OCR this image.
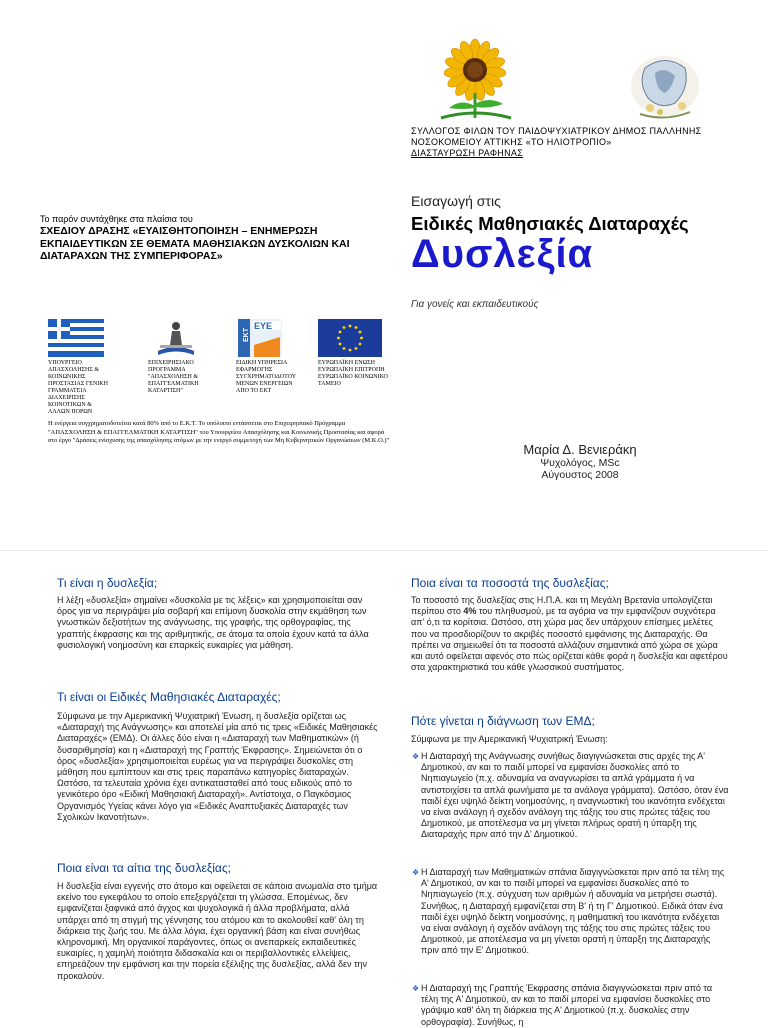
ΣΥΛΛΟΓΟΣ ΦΙΛΩΝ ΤΟΥ ΠΑΙΔΟΨΥΧΙΑΤΡΙΚΟΥ ΔΗΜΟΣ ΠΑΛΛΗΝΗΣ
ΝΟΣΟΚΟΜΕΙΟΥ ΑΤΤΙΚΗΣ «ΤΟ ΗΛΙΟΤΡΟΠΙΟ»
ΔΙΑΣΤΑΥΡΩΣΗ ΡΑΦΗΝΑΣ
Το παρόν συντάχθηκε στα πλαίσια του
ΣΧΕΔΙΟΥ ΔΡΑΣΗΣ «ΕΥΑΙΣΘΗΤΟΠΟΙΗΣΗ – ΕΝΗΜΕΡΩΣΗ ΕΚΠΑΙΔΕΥΤΙΚΩΝ ΣΕ ΘΕΜΑΤΑ ΜΑΘΗΣΙΑΚΩΝ ΔΥΣΚΟΛΙΩΝ ΚΑΙ ΔΙΑΤΑΡΑΧΩΝ ΤΗΣ ΣΥΜΠΕΡΙΦΟΡΑΣ»
EYE
EKT
ΥΠΟΥΡΓΕΙΟ ΑΠΑΣΧΟΛΗΣΗΣ & ΚΟΙΝΩΝΙΚΗΣ ΠΡΟΣΤΑΣΙΑΣ ΓΕΝΙΚΗ ΓΡΑΜΜΑΤΕΙΑ ΔΙΑΧΕΙΡΙΣΗΣ ΚΟΙΝΟΤΙΚΩΝ & ΑΛΛΩΝ ΠΟΡΩΝ
ΕΠΙΧΕΙΡΗΣΙΑΚΟ ΠΡΟΓΡΑΜΜΑ "ΑΠΑΣΧΟΛΗΣΗ & ΕΠΑΓΓΕΛΜΑΤΙΚΗ ΚΑΤΑΡΤΙΣΗ"
ΕΙΔΙΚΗ ΥΠΗΡΕΣΙΑ ΕΦΑΡΜΟΓΗΣ ΣΥΓΧΡΗΜΑΤΟΔΟΤΟΥ ΜΕΝΩΝ ΕΝΕΡΓΕΙΩΝ ΑΠΟ ΤΟ ΕΚΤ
ΕΥΡΩΠΑΪΚΗ ΕΝΩΣΗ ΕΥΡΩΠΑΪΚΗ ΕΠΙΤΡΟΠΗ ΕΥΡΩΠΑΪΚΟ ΚΟΙΝΩΝΙΚΟ ΤΑΜΕΙΟ
Η ενέργεια συγχρηματοδοτείται κατά 80% από το Ε.Κ.Τ. Το υπόλοιπο εντάσσεται στο Επιχειρησιακό Πρόγραμμα "ΑΠΑΣΧΟΛΗΣΗ & ΕΠΑΓΓΕΛΜΑΤΙΚΗ ΚΑΤΑΡΤΙΣΗ" του Υπουργείου Απασχόλησης και Κοινωνικής Προστασίας και αφορά στο έργο "Δράσεις ενίσχυσης της απασχόλησης ατόμων με την ενεργό συμμετοχή των Μη Κυβερνητικών Οργανώσεων (Μ.Κ.Ο.)"
Εισαγωγή στις
Ειδικές Μαθησιακές Διαταραχές
Δυσλεξία
Για γονείς και εκπαιδευτικούς
Μαρία Δ. Βενιεράκη
Ψυχολόγος, MSc
Αύγουστος 2008
Τι είναι η δυσλεξία;
Η λέξη «δυσλεξία» σημαίνει «δυσκολία με τις λέξεις» και χρησιμοποιείται σαν όρος για να περιγράψει μία σοβαρή και επίμονη δυσκολία στην εκμάθηση των γνωστικών δεξιοτήτων της ανάγνωσης, της γραφής, της ορθογραφίας, της γραπτής έκφρασης και της αριθμητικής, σε άτομα τα οποία έχουν κατά τα άλλα φυσιολογική νοημοσύνη και επαρκείς ευκαιρίες για μάθηση.
Τι είναι οι Ειδικές Μαθησιακές Διαταραχές;
Σύμφωνα με την Αμερικανική Ψυχιατρική Ένωση, η δυσλεξία ορίζεται ως «Διαταραχή της Ανάγνωσης» και αποτελεί μία από τις τρεις «Ειδικές Μαθησιακές Διαταραχές» (ΕΜΔ). Οι άλλες δύο είναι η «Διαταραχή των Μαθηματικών» (ή δυσαριθμησία) και η «Διαταραχή της Γραπτής Έκφρασης». Σημειώνεται ότι ο όρος «δυσλεξία» χρησιμοποιείται ευρέως για να περιγράψει δυσκολίες στη μάθηση που εμπίπτουν και στις τρεις παραπάνω κατηγορίες διαταραχών. Ωστόσο, τα τελευταία χρόνια έχει αντικατασταθεί από τους ειδικούς από το γενικότερο όρο «Ειδική Μαθησιακή Διαταραχή». Αντίστοιχα, ο Παγκόσμιος Οργανισμός Υγείας κάνει λόγο για «Ειδικές Αναπτυξιακές Διαταραχές των Σχολικών Ικανοτήτων».
Ποια είναι τα αίτια της δυσλεξίας;
Η δυσλεξία είναι εγγενής στο άτομο και οφείλεται σε κάποια ανωμαλία στο τμήμα εκείνο του εγκεφάλου το οποίο επεξεργάζεται τη γλώσσα. Επομένως, δεν εμφανίζεται ξαφνικά από άγχος και ψυχολογικά ή άλλα προβλήματα, αλλά υπάρχει από τη στιγμή της γέννησης του ατόμου και το ακολουθεί καθ' όλη τη διάρκεια της ζωής του. Με άλλα λόγια, έχει οργανική βάση και είναι συνήθως κληρονομική. Μη οργανικοί παράγοντες, όπως οι ανεπαρκείς εκπαιδευτικές ευκαιρίες, η χαμηλή ποιότητα διδασκαλία και οι περιβαλλοντικές ελλείψεις, επηρεάζουν την εμφάνιση και την πορεία εξέλιξης της δυσλεξίας, αλλά δεν την προκαλούν.
Ποια είναι τα ποσοστά της δυσλεξίας;
Το ποσοστό της δυσλεξίας στις Η.Π.Α. και τη Μεγάλη Βρετανία υπολογίζεται περίπου στο 4% του πληθυσμού, με τα αγόρια να την εμφανίζουν συχνότερα απ' ό,τι τα κορίτσια. Ωστόσο, στη χώρα μας δεν υπάρχουν επίσημες μελέτες που να προσδιορίζουν το ακριβές ποσοστό εμφάνισης της Διαταραχής. Θα πρέπει να σημειωθεί ότι τα ποσοστά αλλάζουν σημαντικά από χώρα σε χώρα και αυτό οφείλεται αφενός στο πώς ορίζεται κάθε φορά η δυσλεξία και αφετέρου στα χαρακτηριστικά του κάθε γλωσσικού συστήματος.
Πότε γίνεται η διάγνωση των ΕΜΔ;
Σύμφωνα με την Αμερικανική Ψυχιατρική Ένωση:
❖ Η Διαταραχή της Ανάγνωσης συνήθως διαγιγνώσκεται στις αρχές της Α' Δημοτικού, αν και το παιδί μπορεί να εμφανίσει δυσκολίες από το Νηπιαγωγείο (π.χ. αδυναμία να αναγνωρίσει τα απλά γράμματα ή να αντιστοιχίσει τα απλά φωνήματα με τα ανάλογα γράμματα). Ωστόσο, όταν ένα παιδί έχει υψηλό δείκτη νοημοσύνης, η αναγνωστική του ικανότητα ενδέχεται να είναι ανάλογη ή σχεδόν ανάλογη της τάξης του στις πρώτες τάξεις του Δημοτικού, με αποτέλεσμα να μη γίνεται πλήρως ορατή η ύπαρξη της Διαταραχής πριν από την Δ' Δημοτικού.
❖ Η Διαταραχή των Μαθηματικών σπάνια διαγιγνώσκεται πριν από τα τέλη της Α' Δημοτικού, αν και το παιδί μπορεί να εμφανίσει δυσκολίες από το Νηπιαγωγείο (π.χ. σύγχυση των αριθμών ή αδυναμία να μετρήσει σωστά). Συνήθως, η Διαταραχή εμφανίζεται στη Β' ή τη Γ' Δημοτικού. Ειδικά όταν ένα παιδί έχει υψηλό δείκτη νοημοσύνης, η μαθηματική του ικανότητα ενδέχεται να είναι ανάλογη ή σχεδόν ανάλογη της τάξης του στις πρώτες τάξεις του Δημοτικού, με αποτέλεσμα να μη γίνεται ορατή η ύπαρξη της Διαταραχής πριν από την Ε' Δημοτικού.
❖ Η Διαταραχή της Γραπτής Έκφρασης σπάνια διαγιγνώσκεται πριν από τα τέλη της Α' Δημοτικού, αν και το παιδί μπορεί να εμφανίσει δυσκολίες στο γράψιμο καθ' όλη τη διάρκεια της Α' Δημοτικού (π.χ. δυσκολίες στην ορθογραφία). Συνήθως, η
